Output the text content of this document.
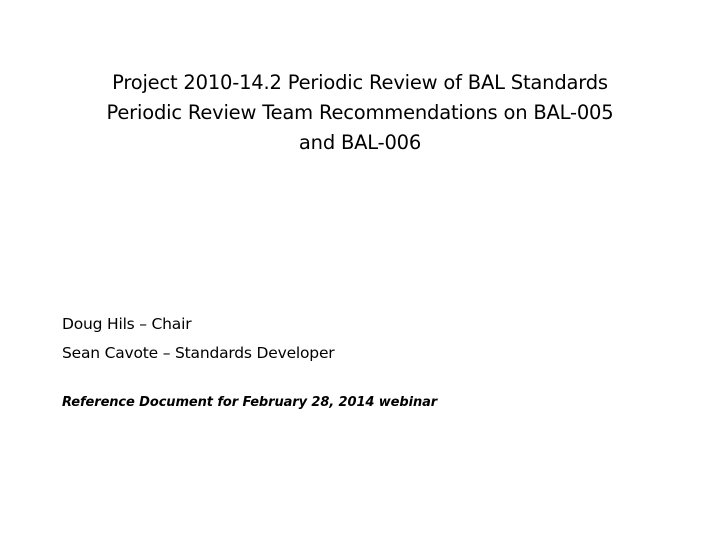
Project 2010-14.2 Periodic Review of BAL Standards
Periodic Review Team Recommendations on BAL-005
and BAL-006
Doug Hils – Chair
Sean Cavote – Standards Developer
Reference Document for February 28, 2014 webinar
